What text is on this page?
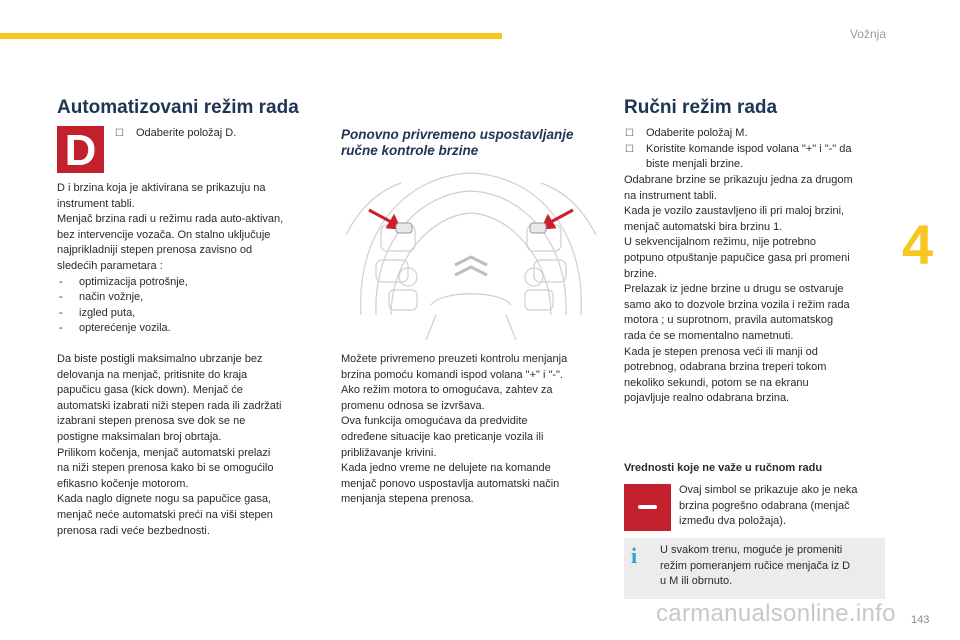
Vožnja
4
Automatizovani režim rada
D

☐	Odaberite položaj D.

D i brzina koja je aktivirana se prikazuju na

instrument tabli.

Menjač brzina radi u režimu rada auto-aktivan,

bez intervencije vozača. On stalno uključuje

najprikladniji stepen prenosa zavisno od

sledećih parametara :

- optimizacija potrošnje,

- način vožnje,

- izgled puta,

- opterećenje vozila.

Da biste postigli maksimalno ubrzanje bez

delovanja na menjač, pritisnite do kraja

papučicu gasa (kick down). Menjač će

automatski izabrati niži stepen rada ili zadržati

izabrani stepen prenosa sve dok se ne

postigne maksimalan broj obrtaja.

Prilikom kočenja, menjač automatski prelazi

na niži stepen prenosa kako bi se omogućilo

efikasno kočenje motorom.

Kada naglo dignete nogu sa papučice gasa,

menjač neće automatski preći na viši stepen

prenosa radi veće bezbednosti.

Ponovno privremeno uspostavljanje
ručne kontrole brzine

Možete privremeno preuzeti kontrolu menjanja

brzina pomoću komandi ispod volana "+" i "-".

Ako režim motora to omogućava, zahtev za

promenu odnosa se izvršava.

Ova funkcija omogućava da predvidite

određene situacije kao preticanje vozila ili

približavanje krivini.

Kada jedno vreme ne delujete na komande

menjač ponovo uspostavlja automatski način

menjanja stepena prenosa.

Ručni režim rada

☐ Odaberite položaj M.

☐ Koristite komande ispod volana "+" i "-" da

biste menjali brzine.

Odabrane brzine se prikazuju jedna za drugom

na instrument tabli.

Kada je vozilo zaustavljeno ili pri maloj brzini,

menjač automatski bira brzinu 1.

U sekvencijalnom režimu, nije potrebno

potpuno otpuštanje papučice gasa pri promeni

brzine.

Prelazak iz jedne brzine u drugu se ostvaruje

samo ako to dozvole brzina vozila i režim rada

motora ; u suprotnom, pravila automatskog

rada će se momentalno nametnuti.

Kada je stepen prenosa veći ili manji od

potrebnog, odabrana brzina treperi tokom

nekoliko sekundi, potom se na ekranu

pojavljuje realno odabrana brzina.

Vrednosti koje ne važe u ručnom radu

Ovaj simbol se prikazuje ako je neka

brzina pogrešno odabrana (menjač

između dva položaja).

i U svakom trenu, moguće je promeniti

režim pomeranjem ručice menjača iz D

u M ili obrnuto.

carmanualsonline.info 143
